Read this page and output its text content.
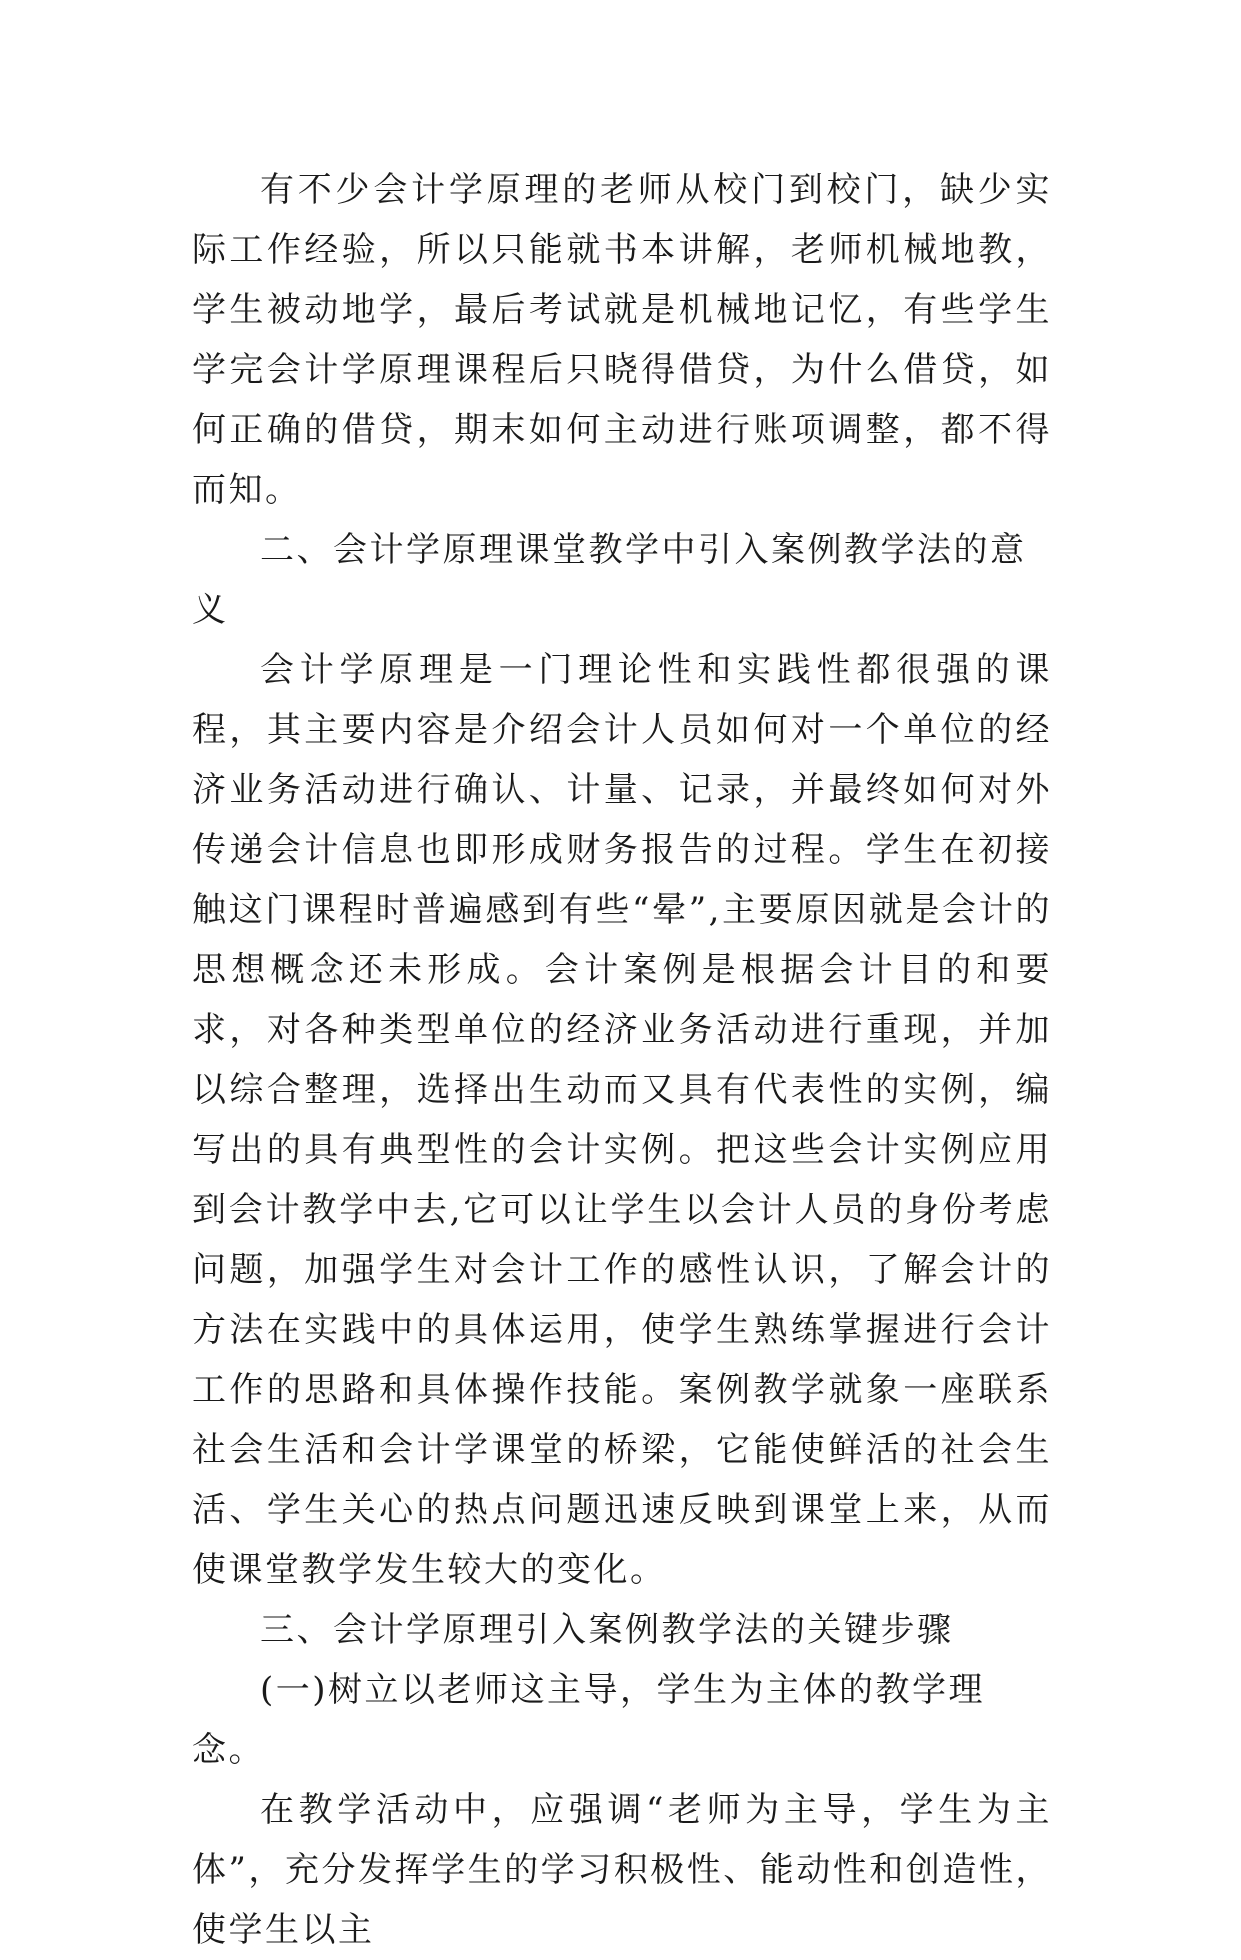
有不少会计学原理的老师从校门到校门，缺少实际工作经验，所以只能就书本讲解，老师机械地教，学生被动地学，最后考试就是机械地记忆，有些学生学完会计学原理课程后只晓得借贷，为什么借贷，如何正确的借贷，期末如何主动进行账项调整，都不得而知。

二、会计学原理课堂教学中引入案例教学法的意义

会计学原理是一门理论性和实践性都很强的课程，其主要内容是介绍会计人员如何对一个单位的经济业务活动进行确认、计量、记录，并最终如何对外传递会计信息也即形成财务报告的过程。学生在初接触这门课程时普遍感到有些“晕”,主要原因就是会计的思想概念还未形成。会计案例是根据会计目的和要求，对各种类型单位的经济业务活动进行重现，并加以综合整理，选择出生动而又具有代表性的实例，编写出的具有典型性的会计实例。把这些会计实例应用到会计教学中去,它可以让学生以会计人员的身份考虑问题，加强学生对会计工作的感性认识，了解会计的方法在实践中的具体运用，使学生熟练掌握进行会计工作的思路和具体操作技能。案例教学就象一座联系社会生活和会计学课堂的桥梁，它能使鲜活的社会生活、学生关心的热点问题迅速反映到课堂上来，从而使课堂教学发生较大的变化。

三、会计学原理引入案例教学法的关键步骤

(一)树立以老师这主导，学生为主体的教学理念。

在教学活动中，应强调“老师为主导，学生为主体”，充分发挥学生的学习积极性、能动性和创造性，使学生以主
